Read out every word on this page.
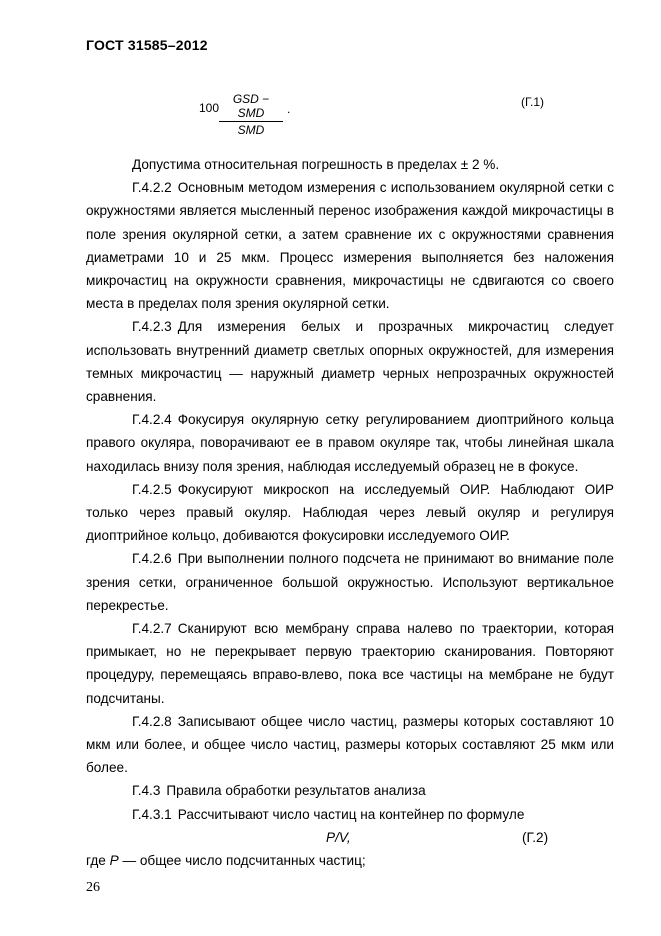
ГОСТ 31585–2012
100
GSD − SMD
SMD
.	(Г.1)

Допустима относительная погрешность в пределах ± 2 %.

Г.4.2.2 Основным методом измерения с использованием окулярной сетки с окружностями является мысленный перенос изображения каждой микрочастицы в поле зрения окулярной сетки, а затем сравнение их с окружностями сравнения диаметрами 10 и 25 мкм. Процесс измерения выполняется без наложения микрочастиц на окружности сравнения, микрочастицы не сдвигаются со своего места в пределах поля зрения окулярной сетки.

Г.4.2.3 Для измерения белых и прозрачных микрочастиц следует использовать внутренний диаметр светлых опорных окружностей, для измерения темных микрочастиц — наружный диаметр черных непрозрачных окружностей сравнения.

Г.4.2.4 Фокусируя окулярную сетку регулированием диоптрийного кольца правого окуляра, поворачивают ее в правом окуляре так, чтобы линейная шкала находилась внизу поля зрения, наблюдая исследуемый образец не в фокусе.

Г.4.2.5 Фокусируют микроскоп на исследуемый ОИР. Наблюдают ОИР только через правый окуляр. Наблюдая через левый окуляр и регулируя диоптрийное кольцо, добиваются фокусировки исследуемого ОИР.

Г.4.2.6 При выполнении полного подсчета не принимают во внимание поле зрения сетки, ограниченное большой окружностью. Используют вертикальное перекрестье.

Г.4.2.7 Сканируют всю мембрану справа налево по траектории, которая примыкает, но не перекрывает первую траекторию сканирования. Повторяют процедуру, перемещаясь вправо-влево, пока все частицы на мембране не будут подсчитаны.

Г.4.2.8 Записывают общее число частиц, размеры которых составляют 10 мкм или более, и общее число частиц, размеры которых составляют 25 мкм или более.

Г.4.3 Правила обработки результатов анализа

Г.4.3.1 Рассчитывают число частиц на контейнер по формуле

P/V,	(Г.2)

где P — общее число подсчитанных частиц;

26
